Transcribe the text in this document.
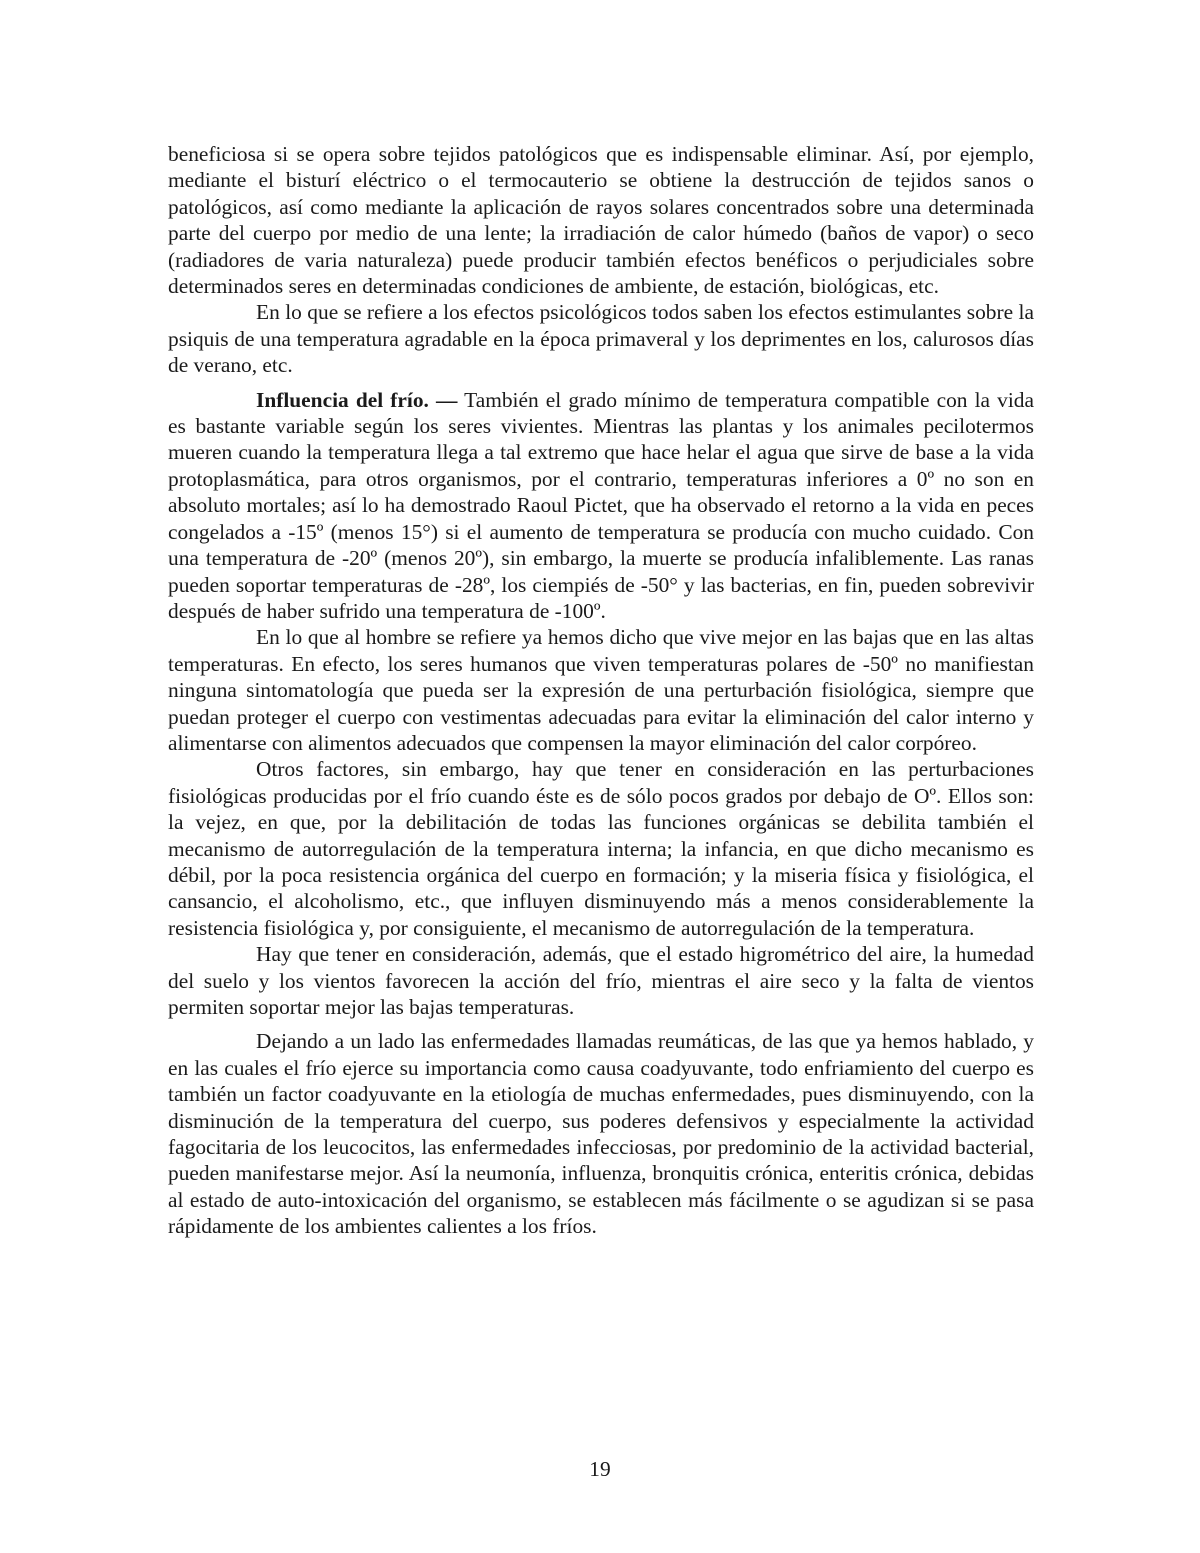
beneficiosa si se opera sobre tejidos patológicos que es indispensable eliminar. Así, por ejemplo, mediante el bisturí eléctrico o el termocauterio se obtiene la destrucción de tejidos sanos o patológicos, así como mediante la aplicación de rayos solares concentrados sobre una determinada parte del cuerpo por medio de una lente; la irradiación de calor húmedo (baños de vapor) o seco (radiadores de varia naturaleza) puede producir también efectos benéficos o perjudiciales sobre determinados seres en determinadas condiciones de ambiente, de estación, biológicas, etc.

En lo que se refiere a los efectos psicológicos todos saben los efectos estimulantes sobre la psiquis de una temperatura agradable en la época primaveral y los deprimentes en los, calurosos días de verano, etc.

Influencia del frío. — También el grado mínimo de temperatura compatible con la vida es bastante variable según los seres vivientes. Mientras las plantas y los animales pecilotermos mueren cuando la temperatura llega a tal extremo que hace helar el agua que sirve de base a la vida protoplasmática, para otros organismos, por el contrario, temperaturas inferiores a 0º no son en absoluto mortales; así lo ha demostrado Raoul Pictet, que ha observado el retorno a la vida en peces congelados a -15º (menos 15°) si el aumento de temperatura se producía con mucho cuidado. Con una temperatura de -20º (menos 20º), sin embargo, la muerte se producía infaliblemente. Las ranas pueden soportar temperaturas de -28º, los ciempiés de -50° y las bacterias, en fin, pueden sobrevivir después de haber sufrido una temperatura de -100º.

En lo que al hombre se refiere ya hemos dicho que vive mejor en las bajas que en las altas temperaturas. En efecto, los seres humanos que viven temperaturas polares de -50º no manifiestan ninguna sintomatología que pueda ser la expresión de una perturbación fisiológica, siempre que puedan proteger el cuerpo con vestimentas adecuadas para evitar la eliminación del calor interno y alimentarse con alimentos adecuados que compensen la mayor eliminación del calor corpóreo.

Otros factores, sin embargo, hay que tener en consideración en las perturbaciones fisiológicas producidas por el frío cuando éste es de sólo pocos grados por debajo de Oº. Ellos son: la vejez, en que, por la debilitación de todas las funciones orgánicas se debilita también el mecanismo de autorregulación de la temperatura interna; la infancia, en que dicho mecanismo es débil, por la poca resistencia orgánica del cuerpo en formación; y la miseria física y fisiológica, el cansancio, el alcoholismo, etc., que influyen disminuyendo más a menos considerablemente la resistencia fisiológica y, por consiguiente, el mecanismo de autorregulación de la temperatura.

Hay que tener en consideración, además, que el estado higrométrico del aire, la humedad del suelo y los vientos favorecen la acción del frío, mientras el aire seco y la falta de vientos permiten soportar mejor las bajas temperaturas.

Dejando a un lado las enfermedades llamadas reumáticas, de las que ya hemos hablado, y en las cuales el frío ejerce su importancia como causa coadyuvante, todo enfriamiento del cuerpo es también un factor coadyuvante en la etiología de muchas enfermedades, pues disminuyendo, con la disminución de la temperatura del cuerpo, sus poderes defensivos y especialmente la actividad fagocitaria de los leucocitos, las enfermedades infecciosas, por predominio de la actividad bacterial, pueden manifestarse mejor. Así la neumonía, influenza, bronquitis crónica, enteritis crónica, debidas al estado de auto-intoxicación del organismo, se establecen más fácilmente o se agudizan si se pasa rápidamente de los ambientes calientes a los fríos.

19
